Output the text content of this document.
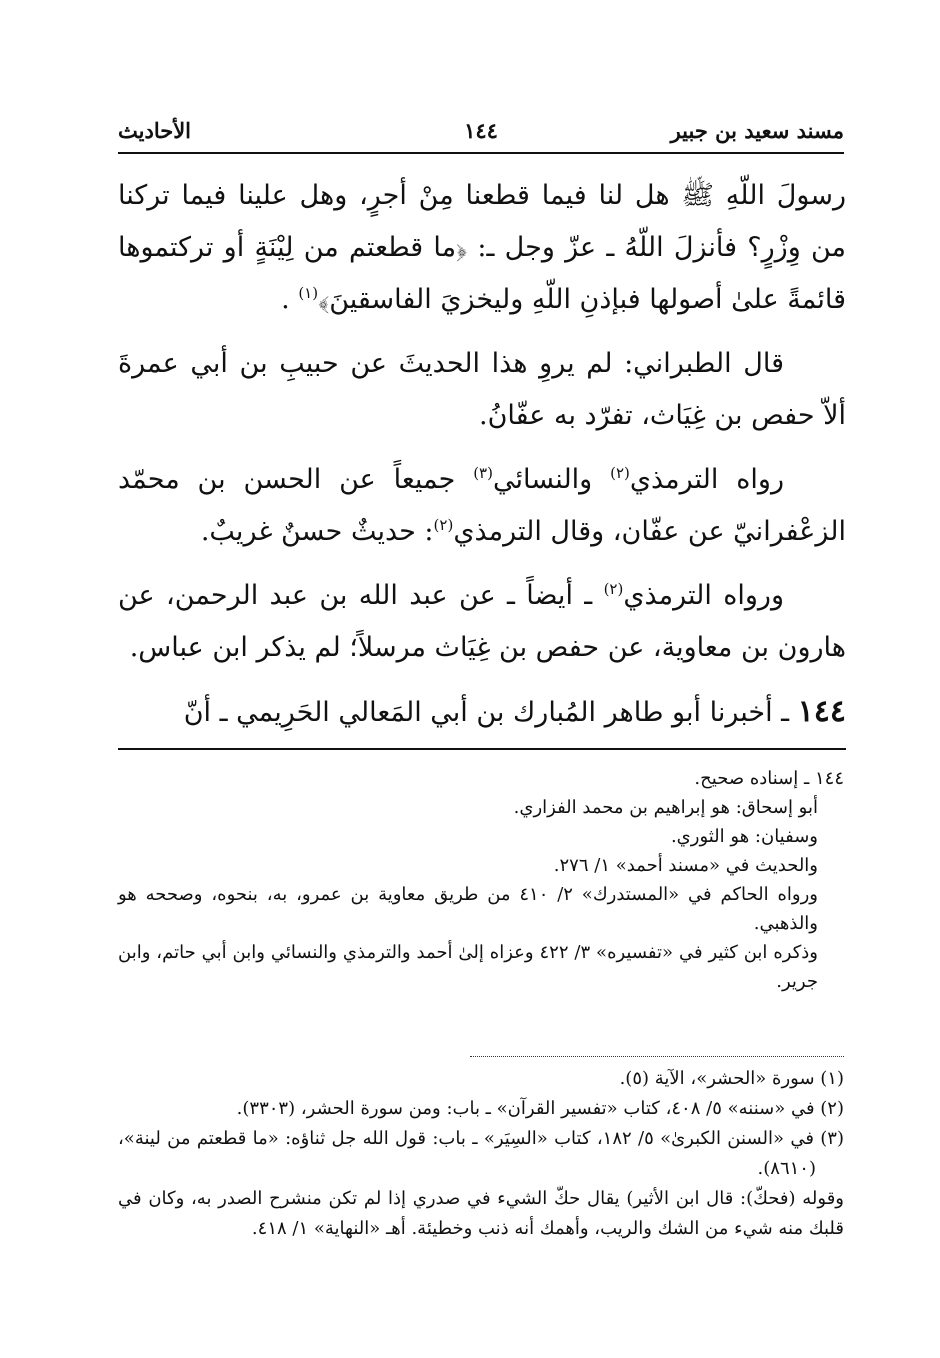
مسند سعيد بن جبير
١٤٤
الأحاديث

رسولَ اللّهِ ﷺ هل لنا فيما قطعنا مِنْ أجرٍ، وهل علينا فيما تركنا من وِزْرٍ؟ فأنزلَ اللّهُ ـ عزّ وجل ـ: ﴿ما قطعتم من لِيْنَةٍ أو تركتموها قائمةً علىٰ أصولها فبإذنِ اللّهِ وليخزيَ الفاسقينَ﴾$^{(١)}$ .

قال الطبراني: لم يروِ هذا الحديثَ عن حبيبِ بن أبي عمرةَ ألاّ حفص بن غِيَاث، تفرّد به عفّانُ.

رواه الترمذي$^{(٢)}$ والنسائي$^{(٣)}$ جميعاً عن الحسن بن محمّد الزعْفرانيّ عن عفّان، وقال الترمذي$^{(٢)}$: حديثٌ حسنٌ غريبٌ.

ورواه الترمذي$^{(٢)}$ ـ أيضاً ـ عن عبد الله بن عبد الرحمن، عن هارون بن معاوية، عن حفص بن غِيَاث مرسلاً؛ لم يذكر ابن عباس.

١٤٤ ـ أخبرنا أبو طاهر المُبارك بن أبي المَعالي الحَرِيمي ـ أنّ

١٤٤ ـ إسناده صحيح.
أبو إسحاق: هو إبراهيم بن محمد الفزاري.
وسفيان: هو الثوري.
والحديث في «مسند أحمد» ١/ ٢٧٦.
ورواه الحاكم في «المستدرك» ٢/ ٤١٠ من طريق معاوية بن عمرو، به، بنحوه، وصححه هو والذهبي.
وذكره ابن كثير في «تفسيره» ٣/ ٤٢٢ وعزاه إلىٰ أحمد والترمذي والنسائي وابن أبي حاتم، وابن جرير.
(١) سورة «الحشر»، الآية (٥).
(٢) في «سننه» ٥/ ٤٠٨، كتاب «تفسير القرآن» ـ باب: ومن سورة الحشر، (٣٣٠٣).
(٣) في «السنن الكبرىٰ» ٥/ ١٨٢، كتاب «السِيَر» ـ باب: قول الله جل ثناؤه: «ما قطعتم من لينة»، (٨٦١٠).
وقوله (فحكّ): قال ابن الأثير) يقال حكّ الشيء في صدري إذا لم تكن منشرح الصدر به، وكان في قلبك منه شيء من الشك والريب، وأهمك أنه ذنب وخطيئة. أهـ «النهاية» ١/ ٤١٨.
